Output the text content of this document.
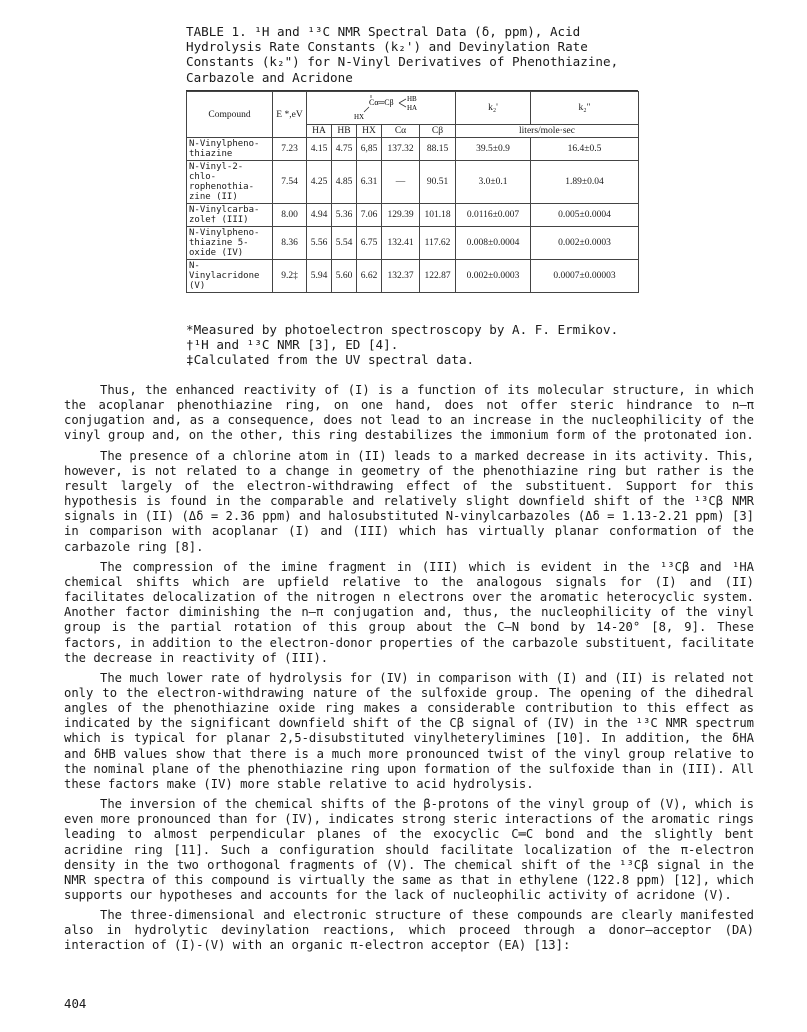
TABLE 1. ¹H and ¹³C NMR Spectral Data (δ, ppm), Acid
Hydrolysis Rate Constants (k₂') and Devinylation Rate
Constants (k₂") for N-Vinyl Derivatives of Phenothiazine,
Carbazole and Acridone
Compound	E *,eV	Cα═Cβ HB
HA
HX					k₂'	k₂"
		HA	HB	HX	Cα	Cβ	liters/mole·sec	
N-Vinylpheno-
thiazine	7.23	4.15	4.75	6,85	137.32	88.15	39.5±0.9	16.4±0.5
N-Vinyl-2-chlo-
rophenothia-
zine (II)	7.54	4.25	4.85	6.31	—	90.51	3.0±0.1	1.89±0.04
N-Vinylcarba-
zole† (III)	8.00	4.94	5.36	7.06	129.39	101.18	0.0116±0.007	0.005±0.0004
N-Vinylpheno-
thiazine 5-
oxide (IV)	8.36	5.56	5.54	6.75	132.41	117.62	0.008±0.0004	0.002±0.0003
N-Vinylacridone
(V)	9.2‡	5.94	5.60	6.62	132.37	122.87	0.002±0.0003	0.0007±0.00003
*Measured by photoelectron spectroscopy by A. F. Ermikov.
†¹H and ¹³C NMR [3], ED [4].
‡Calculated from the UV spectral data.

Thus, the enhanced reactivity of (I) is a function of its molecular structure, in which the acoplanar phenothiazine ring, on one hand, does not offer steric hindrance to n—π conjugation and, as a consequence, does not lead to an increase in the nucleophilicity of the vinyl group and, on the other, this ring destabilizes the immonium form of the protonated ion.

The presence of a chlorine atom in (II) leads to a marked decrease in its activity. This, however, is not related to a change in geometry of the phenothiazine ring but rather is the result largely of the electron-withdrawing effect of the substituent. Support for this hypothesis is found in the comparable and relatively slight downfield shift of the ¹³Cβ NMR signals in (II) (Δδ = 2.36 ppm) and halosubstituted N-vinylcarbazoles (Δδ = 1.13-2.21 ppm) [3] in comparison with acoplanar (I) and (III) which has virtually planar conformation of the carbazole ring [8].

The compression of the imine fragment in (III) which is evident in the ¹³Cβ and ¹HA chemical shifts which are upfield relative to the analogous signals for (I) and (II) facilitates delocalization of the nitrogen n electrons over the aromatic heterocyclic system. Another factor diminishing the n—π conjugation and, thus, the nucleophilicity of the vinyl group is the partial rotation of this group about the C—N bond by 14-20° [8, 9]. These factors, in addition to the electron-donor properties of the carbazole substituent, facilitate the decrease in reactivity of (III).

The much lower rate of hydrolysis for (IV) in comparison with (I) and (II) is related not only to the electron-withdrawing nature of the sulfoxide group. The opening of the dihedral angles of the phenothiazine oxide ring makes a considerable contribution to this effect as indicated by the significant downfield shift of the Cβ signal of (IV) in the ¹³C NMR spectrum which is typical for planar 2,5-disubstituted vinylheterylimines [10]. In addition, the δHA and δHB values show that there is a much more pronounced twist of the vinyl group relative to the nominal plane of the phenothiazine ring upon formation of the sulfoxide than in (III). All these factors make (IV) more stable relative to acid hydrolysis.

The inversion of the chemical shifts of the β-protons of the vinyl group of (V), which is even more pronounced than for (IV), indicates strong steric interactions of the aromatic rings leading to almost perpendicular planes of the exocyclic C═C bond and the slightly bent acridine ring [11]. Such a configuration should facilitate localization of the π-electron density in the two orthogonal fragments of (V). The chemical shift of the ¹³Cβ signal in the NMR spectra of this compound is virtually the same as that in ethylene (122.8 ppm) [12], which supports our hypotheses and accounts for the lack of nucleophilic activity of acridone (V).

The three-dimensional and electronic structure of these compounds are clearly manifested also in hydrolytic devinylation reactions, which proceed through a donor—acceptor (DA) interaction of (I)-(V) with an organic π-electron acceptor (EA) [13]:

404
